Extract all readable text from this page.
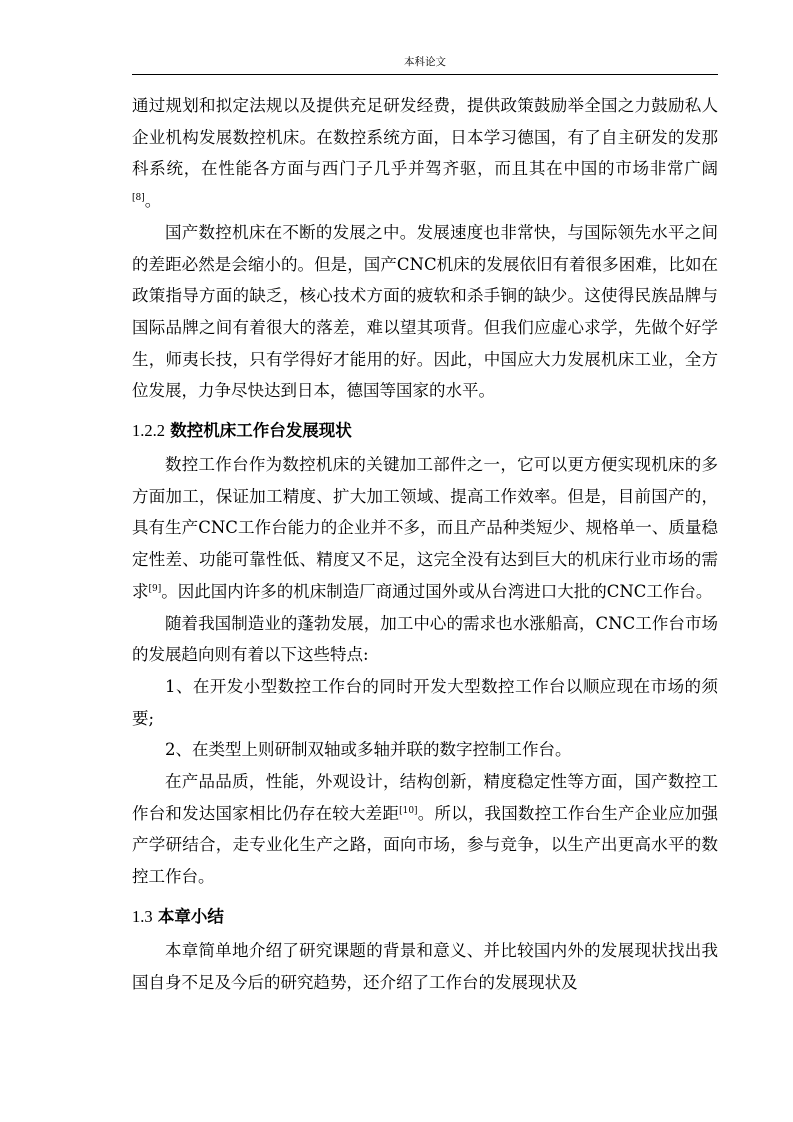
本科论文

通过规划和拟定法规以及提供充足研发经费，提供政策鼓励举全国之力鼓励私人企业机构发展数控机床。在数控系统方面，日本学习德国，有了自主研发的发那科系统，在性能各方面与西门子几乎并驾齐驱，而且其在中国的市场非常广阔[8]。

国产数控机床在不断的发展之中。发展速度也非常快，与国际领先水平之间的差距必然是会缩小的。但是，国产CNC机床的发展依旧有着很多困难，比如在政策指导方面的缺乏，核心技术方面的疲软和杀手锏的缺少。这使得民族品牌与国际品牌之间有着很大的落差，难以望其项背。但我们应虚心求学，先做个好学生，师夷长技，只有学得好才能用的好。因此，中国应大力发展机床工业，全方位发展，力争尽快达到日本，德国等国家的水平。

1.2.2 数控机床工作台发展现状

数控工作台作为数控机床的关键加工部件之一，它可以更方便实现机床的多方面加工，保证加工精度、扩大加工领域、提高工作效率。但是，目前国产的，具有生产CNC工作台能力的企业并不多，而且产品种类短少、规格单一、质量稳定性差、功能可靠性低、精度又不足，这完全没有达到巨大的机床行业市场的需求[9]。因此国内许多的机床制造厂商通过国外或从台湾进口大批的CNC工作台。

随着我国制造业的蓬勃发展，加工中心的需求也水涨船高，CNC工作台市场的发展趋向则有着以下这些特点:

1、在开发小型数控工作台的同时开发大型数控工作台以顺应现在市场的须要;

2、在类型上则研制双轴或多轴并联的数字控制工作台。

在产品品质，性能，外观设计，结构创新，精度稳定性等方面，国产数控工作台和发达国家相比仍存在较大差距[10]。所以，我国数控工作台生产企业应加强产学研结合，走专业化生产之路，面向市场，参与竞争，以生产出更高水平的数控工作台。

1.3 本章小结

本章简单地介绍了研究课题的背景和意义、并比较国内外的发展现状找出我国自身不足及今后的研究趋势，还介绍了工作台的发展现状及
